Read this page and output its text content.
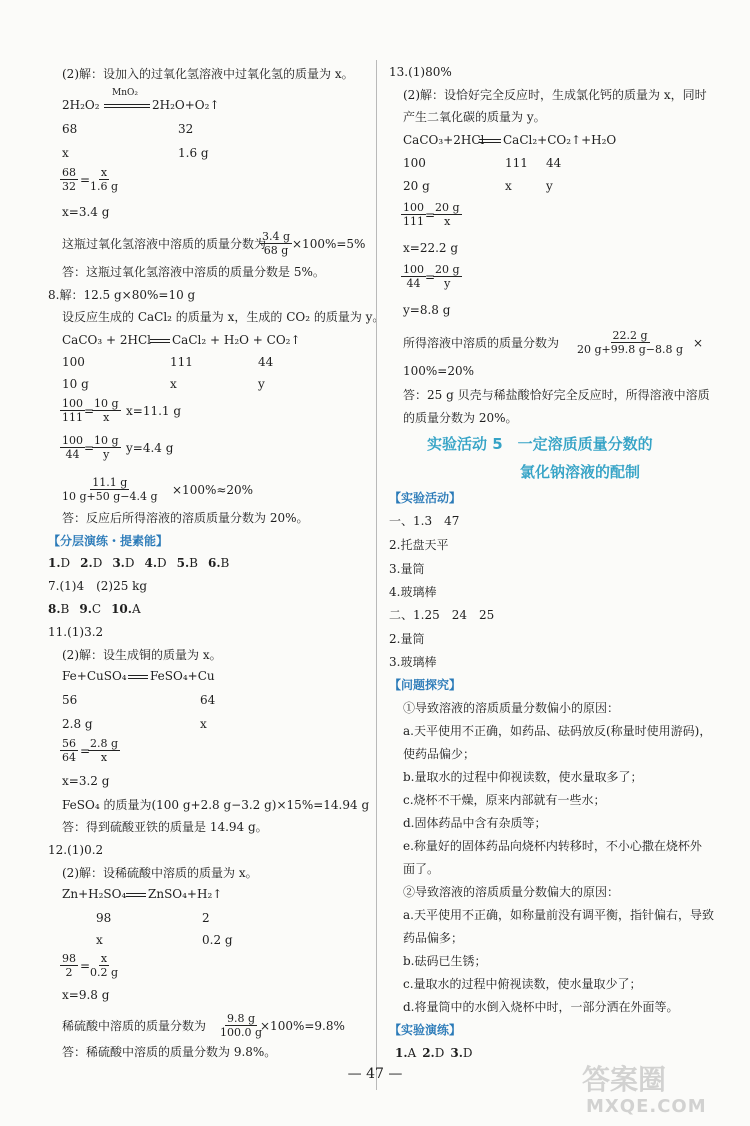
(2)解：设加入的过氧化氢溶液中过氧化氢的质量为 x。
2H₂O₂
MnO₂
2H₂O+O₂↑
68	32
x	1.6 g
$\frac{68}{32}$ =
$\frac{x}{1.6 g}$
x=3.4 g
这瓶过氧化氢溶液中溶质的质量分数为
$\frac{3.4 g}{68 g} \times 100\%=5\%$
答：这瓶过氧化氢溶液中溶质的质量分数是 5%。
8.解：12.5 g×80%=10 g
设反应生成的 CaCl₂ 的质量为 x，生成的 CO₂ 的质量为 y。
CaCO₃ + 2HCl CaCl₂ + H₂O + CO₂↑
100	111	44
10 g	x	y
$\frac{100}{111}$ =
$\frac{10 g}{x} x=11.1$ g
$\frac{100}{44}$ =
$\frac{10 g}{y} y=4.4$ g
$\frac{11.1 g}{10 g+50 g-4.4 g} \times 100\%\approx 20\%$
答：反应后所得溶液的溶质质量分数为 20%。
【分层演练・提素能】
1.D 2.D 3.D 4.D 5.B 6.B
7.(1)4　(2)25 kg
8.B 9.C 10.A
11.(1)3.2
(2)解：设生成铜的质量为 x。
Fe+CuSO₄ FeSO₄+Cu
56	64
2.8 g	x
$\frac{56}{64}$ =
$\frac{2.8 g}{x}$
x=3.2 g
FeSO₄ 的质量为(100 g+2.8 g−3.2 g)×15%=14.94 g
答：得到硫酸亚铁的质量是 14.94 g。
12.(1)0.2
(2)解：设稀硫酸中溶质的质量为 x。
Zn+H₂SO₄ ZnSO₄+H₂↑
98	2
x	0.2 g
$\frac{98}{2}$ =
$\frac{x}{0.2 g}$
x=9.8 g
稀硫酸中溶质的质量分数为 $\frac{9.8 g}{100.0 g}$
×100%=9.8%
答：稀硫酸中溶质的质量分数为 9.8%。
13.(1)80%
(2)解：设恰好完全反应时，生成氯化钙的质量为 x，同时
产生二氧化碳的质量为 y。
CaCO₃+2HCl CaCl₂+CO₂↑+H₂O
100	111 44
20 g	x	y
$\frac{100}{111}$ =
$\frac{20 g}{x}$
x=22.2 g
$\frac{100}{44}$ =
$\frac{20 g}{y}$
y=8.8 g
所得溶液中溶质的质量分数为 $\frac{22.2 g}{20 g+99.8 g-8.8 g}$ ×
100%=20%
答：25 g 贝壳与稀盐酸恰好完全反应时，所得溶液中溶质
的质量分数为 20%。
实验活动 5　一定溶质质量分数的
氯化钠溶液的配制
【实验活动】
一、1.3　47
2.托盘天平
3.量筒
4.玻璃棒
二、1.25　24　25
2.量筒
3.玻璃棒
【问题探究】
①导致溶液的溶质质量分数偏小的原因：
a.天平使用不正确，如药品、砝码放反(称量时使用游码)，
使药品偏少；
b.量取水的过程中仰视读数，使水量取多了；
c.烧杯不干燥，原来内部就有一些水；
d.固体药品中含有杂质等；
e.称量好的固体药品向烧杯内转移时，不小心撒在烧杯外
面了。
②导致溶液的溶质质量分数偏大的原因：
a.天平使用不正确，如称量前没有调平衡，指针偏右，导致
药品偏多；
b.砝码已生锈；
c.量取水的过程中俯视读数，使水量取少了；
d.将量筒中的水倒入烧杯中时，一部分洒在外面等。
【实验演练】
1.A 2.D 3.D
— 47 —	答案圈
MXQE.COM
